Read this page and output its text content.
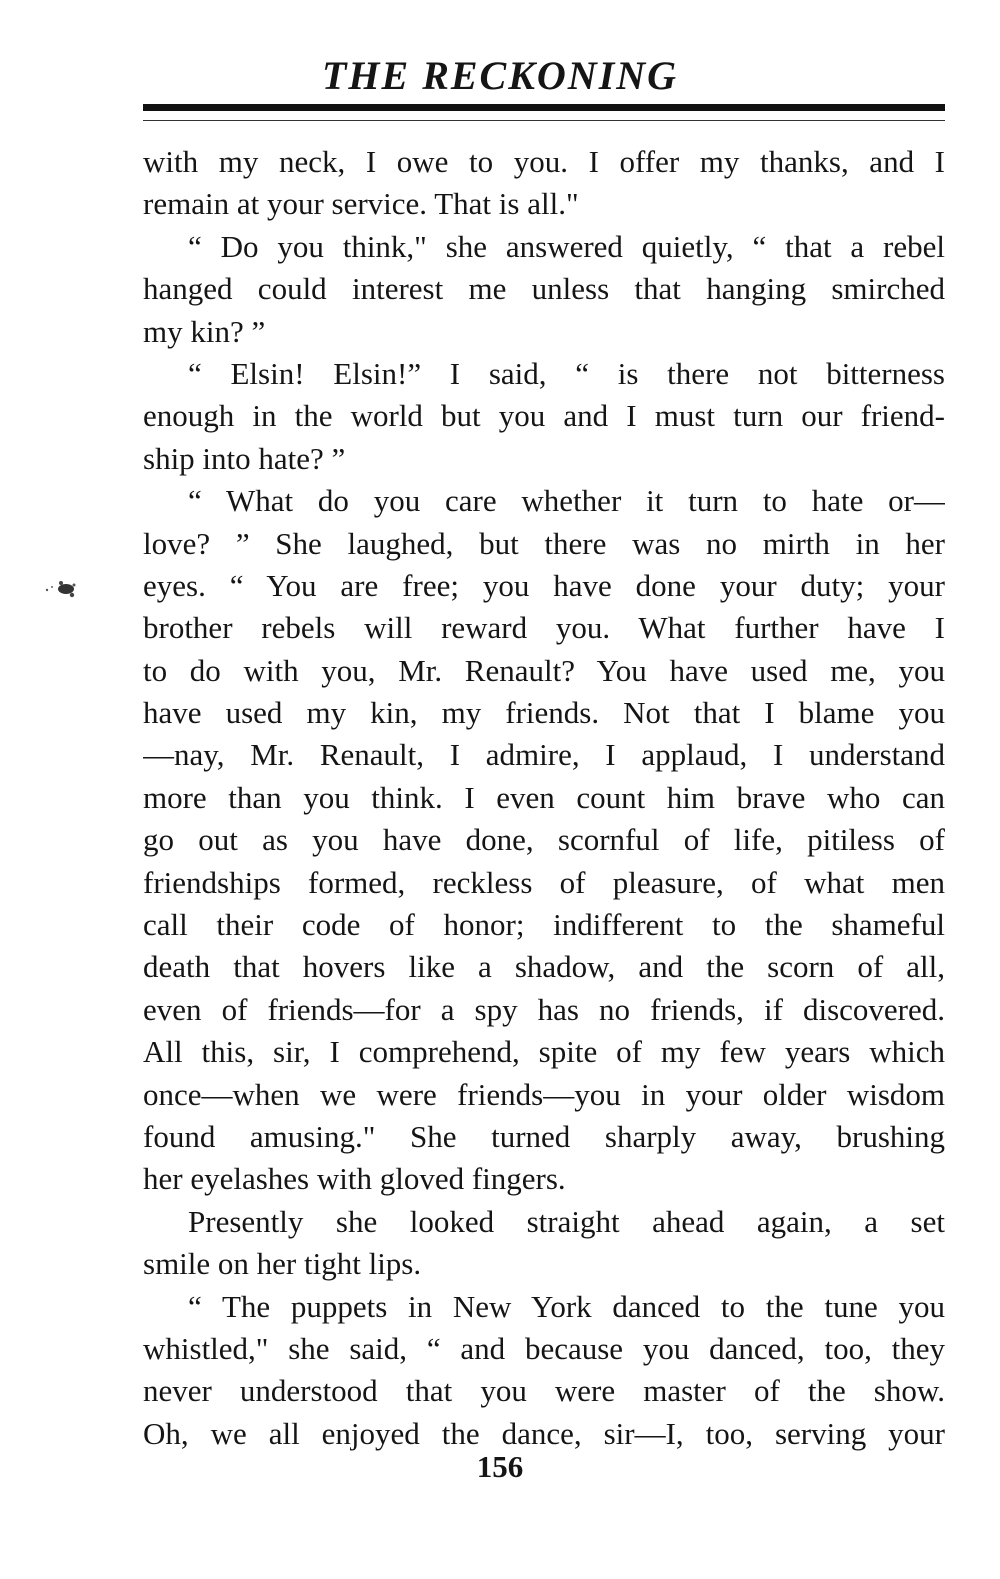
THE RECKONING
with my neck, I owe to you. I offer my thanks, and I
remain at your service. That is all."
“ Do you think," she answered quietly, “ that a rebel
hanged could interest me unless that hanging smirched
my kin? ”
“ Elsin! Elsin!” I said, “ is there not bitterness
enough in the world but you and I must turn our friend-
ship into hate? ”
“ What do you care whether it turn to hate or—
love? ” She laughed, but there was no mirth in her
eyes. “ You are free; you have done your duty; your
brother rebels will reward you. What further have I
to do with you, Mr. Renault? You have used me, you
have used my kin, my friends. Not that I blame you
—nay, Mr. Renault, I admire, I applaud, I understand
more than you think. I even count him brave who can
go out as you have done, scornful of life, pitiless of
friendships formed, reckless of pleasure, of what men
call their code of honor; indifferent to the shameful
death that hovers like a shadow, and the scorn of all,
even of friends—for a spy has no friends, if discovered.
All this, sir, I comprehend, spite of my few years which
once—when we were friends—you in your older wisdom
found amusing." She turned sharply away, brushing
her eyelashes with gloved fingers.
Presently she looked straight ahead again, a set
smile on her tight lips.
“ The puppets in New York danced to the tune you
whistled," she said, “ and because you danced, too, they
never understood that you were master of the show.
Oh, we all enjoyed the dance, sir—I, too, serving your
156
